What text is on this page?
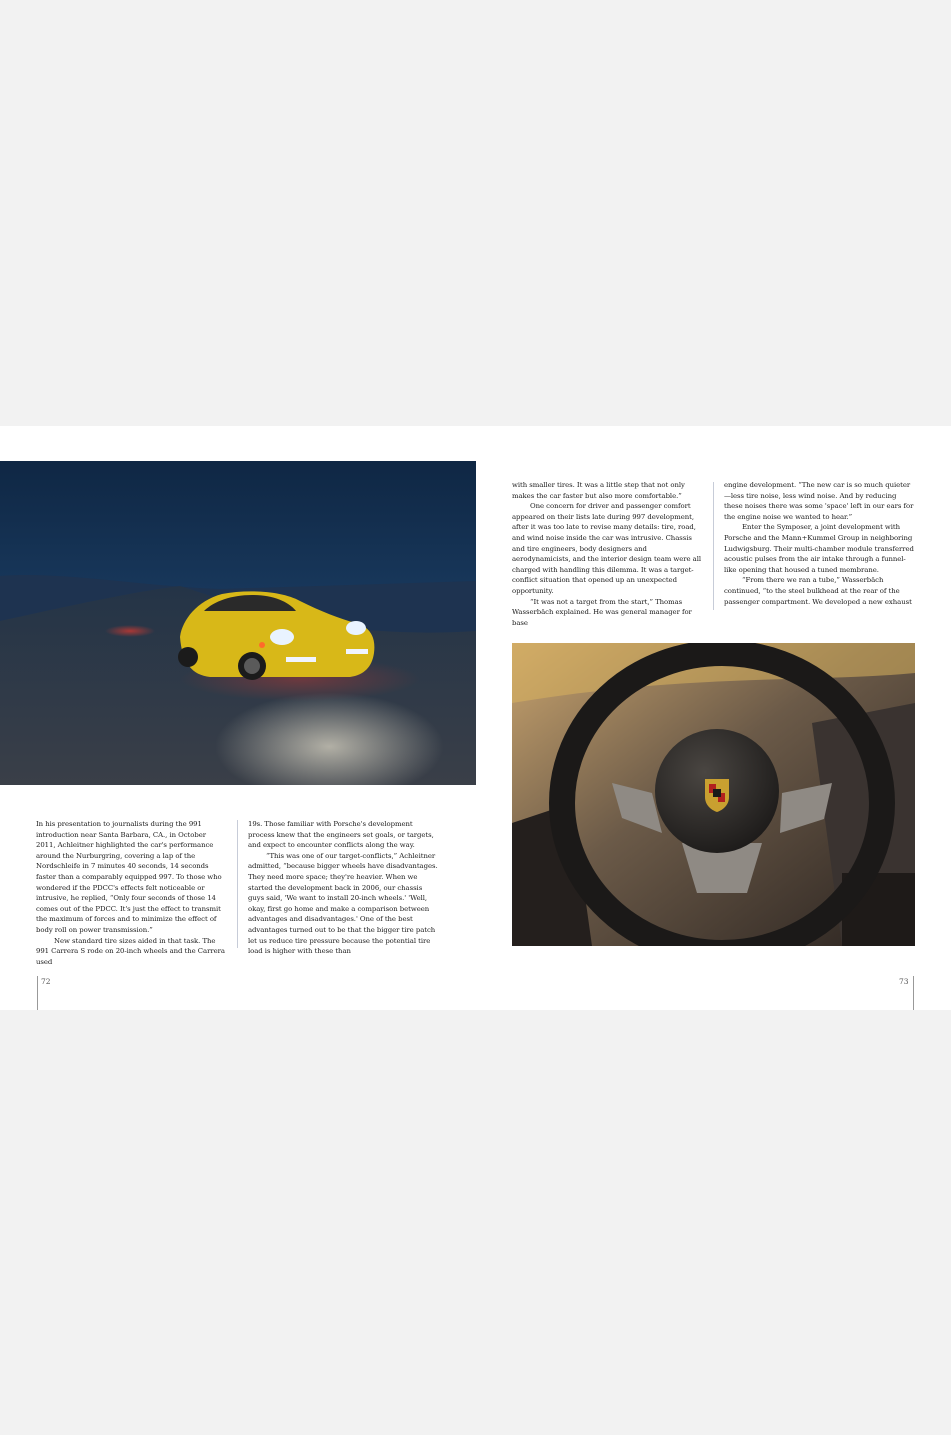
In his presentation to journalists during the 991 introduction near Santa Barbara, CA., in October 2011, Achleitner highlighted the car's performance around the Nurburgring, covering a lap of the Nordschleife in 7 minutes 40 seconds, 14 seconds faster than a comparably equipped 997. To those who wondered if the PDCC's effects felt noticeable or intrusive, he replied, “Only four seconds of those 14 comes out of the PDCC. It's just the effect to transmit the maximum of forces and to minimize the effect of body roll on power transmission.”

New standard tire sizes aided in that task. The 991 Carrera S rode on 20-inch wheels and the Carrera used

19s. Those familiar with Porsche's development process knew that the engineers set goals, or targets, and expect to encounter conflicts along the way.

“This was one of our target-conflicts,” Achleitner admitted, “because bigger wheels have disadvantages. They need more space; they're heavier. When we started the development back in 2006, our chassis guys said, 'We want to install 20-inch wheels.' 'Well, okay, first go home and make a comparison between advantages and disadvantages.' One of the best advantages turned out to be that the bigger tire patch let us reduce tire pressure because the potential tire load is higher with these than

with smaller tires. It was a little step that not only makes the car faster but also more comfortable.”

One concern for driver and passenger comfort appeared on their lists late during 997 development, after it was too late to revise many details: tire, road, and wind noise inside the car was intrusive. Chassis and tire engineers, body designers and aerodynamicists, and the interior design team were all charged with handling this dilemma. It was a target-conflict situation that opened up an unexpected opportunity.

“It was not a target from the start,” Thomas Wasserbäch explained. He was general manager for base

engine development. “The new car is so much quieter—less tire noise, less wind noise. And by reducing these noises there was some 'space' left in our ears for the engine noise we wanted to hear.”

Enter the Symposer, a joint development with Porsche and the Mann+Kummel Group in neighboring Ludwigsburg. Their multi-chamber module transferred acoustic pulses from the air intake through a funnel-like opening that housed a tuned membrane.

“From there we ran a tube,” Wasserbäch continued, “to the steel bulkhead at the rear of the passenger compartment. We developed a new exhaust

72	73
